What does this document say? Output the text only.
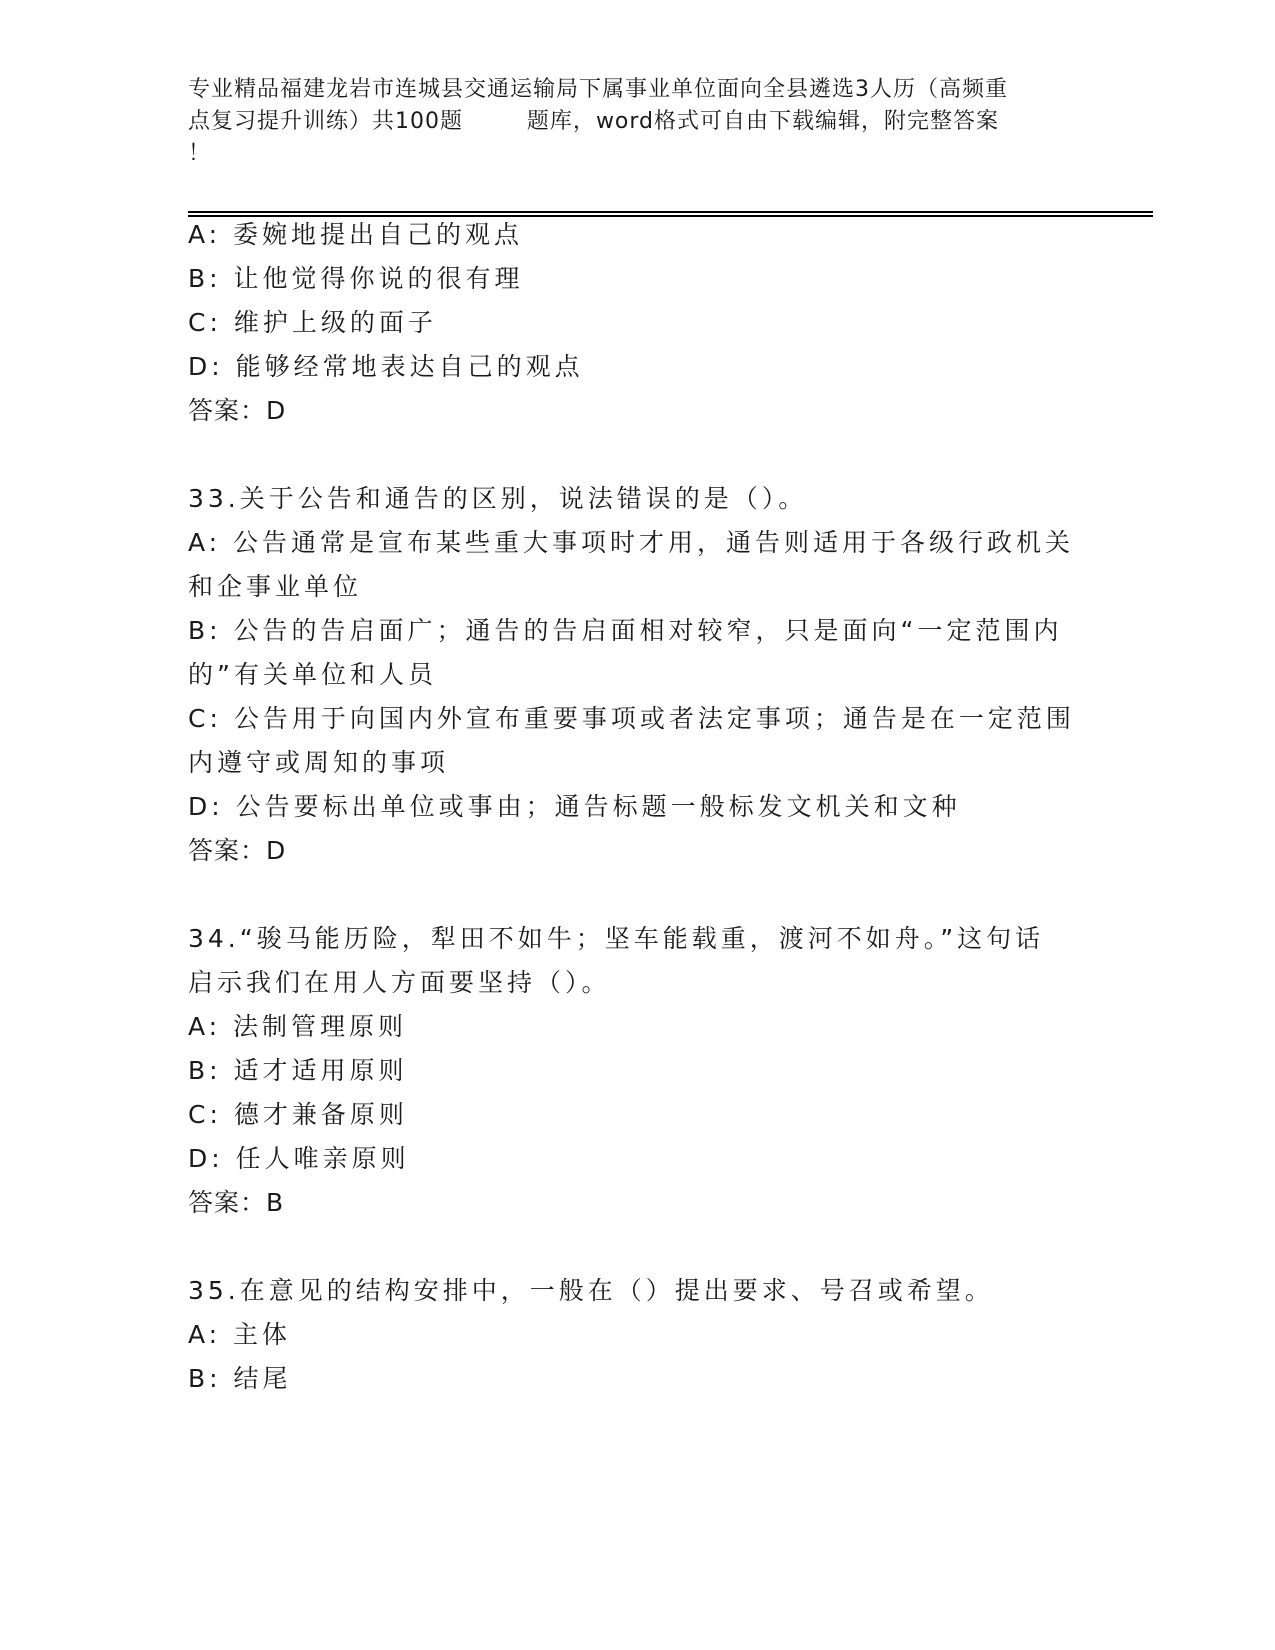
专业精品福建龙岩市连城县交通运输局下属事业单位面向全县遴选3人历（高频重
点复习提升训练）共100题        题库，word格式可自由下载编辑，附完整答案
！
A: 委婉地提出自己的观点
B: 让他觉得你说的很有理
C: 维护上级的面子
D: 能够经常地表达自己的观点
答案：D
33.关于公告和通告的区别，说法错误的是（）。
A: 公告通常是宣布某些重大事项时才用，通告则适用于各级行政机关
和企事业单位
B: 公告的告启面广；通告的告启面相对较窄，只是面向“一定范围内
的”有关单位和人员
C: 公告用于向国内外宣布重要事项或者法定事项；通告是在一定范围
内遵守或周知的事项
D: 公告要标出单位或事由；通告标题一般标发文机关和文种
答案：D
34.“骏马能历险，犁田不如牛；坚车能载重，渡河不如舟。”这句话
启示我们在用人方面要坚持（）。
A: 法制管理原则
B: 适才适用原则
C: 德才兼备原则
D: 任人唯亲原则
答案：B
35.在意见的结构安排中，一般在（）提出要求、号召或希望。
A: 主体
B: 结尾
